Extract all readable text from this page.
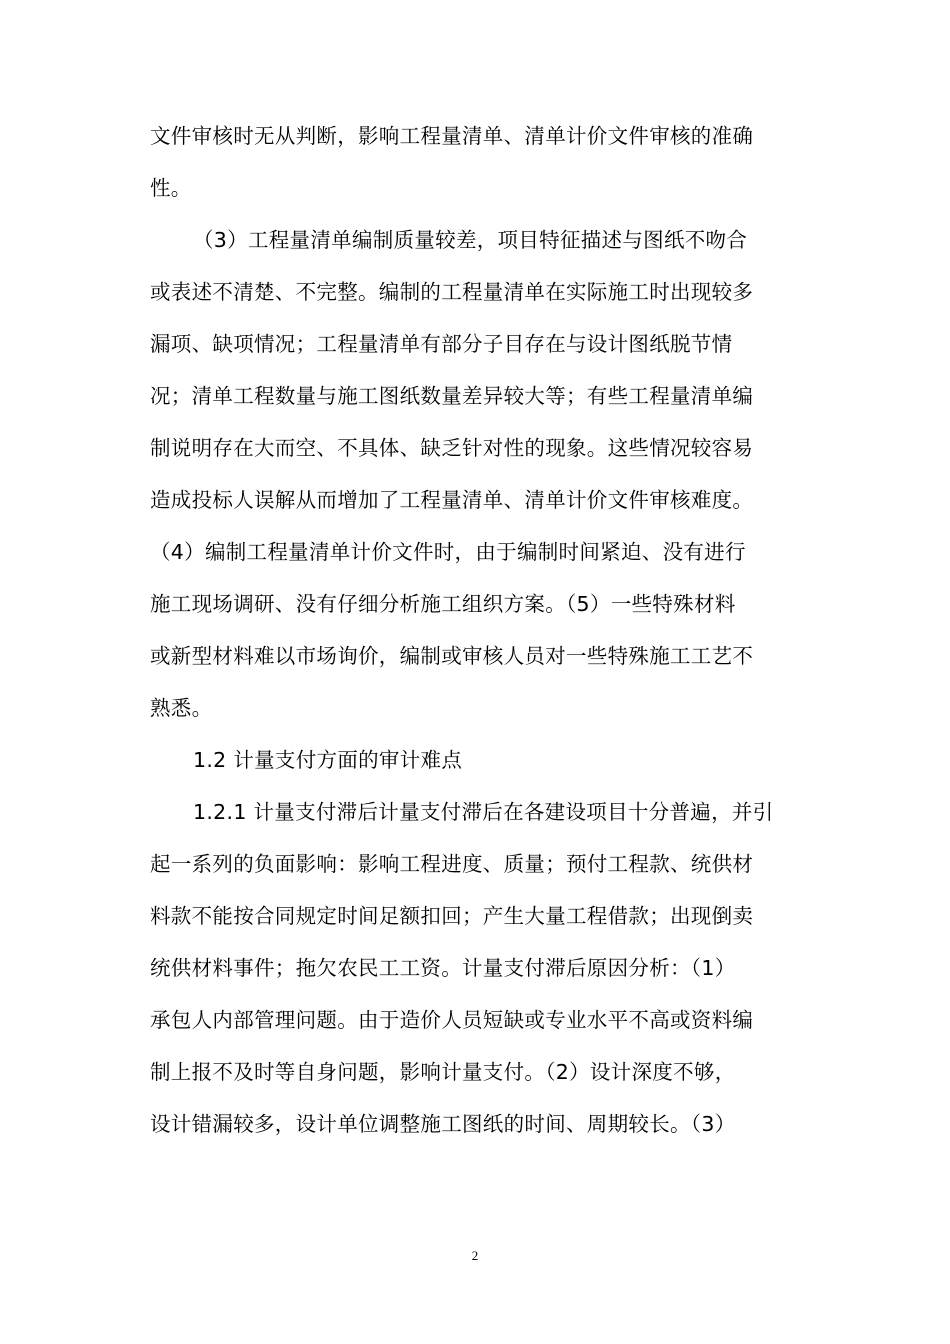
文件审核时无从判断，影响工程量清单、清单计价文件审核的准确
性。
（3）工程量清单编制质量较差，项目特征描述与图纸不吻合
或表述不清楚、不完整。编制的工程量清单在实际施工时出现较多
漏项、缺项情况；工程量清单有部分子目存在与设计图纸脱节情
况；清单工程数量与施工图纸数量差异较大等；有些工程量清单编
制说明存在大而空、不具体、缺乏针对性的现象。这些情况较容易
造成投标人误解从而增加了工程量清单、清单计价文件审核难度。
（4）编制工程量清单计价文件时，由于编制时间紧迫、没有进行
施工现场调研、没有仔细分析施工组织方案。（5）一些特殊材料
或新型材料难以市场询价，编制或审核人员对一些特殊施工工艺不
熟悉。
1.2 计量支付方面的审计难点
1.2.1 计量支付滞后计量支付滞后在各建设项目十分普遍，并引
起一系列的负面影响：影响工程进度、质量；预付工程款、统供材
料款不能按合同规定时间足额扣回；产生大量工程借款；出现倒卖
统供材料事件；拖欠农民工工资。计量支付滞后原因分析：（1）
承包人内部管理问题。由于造价人员短缺或专业水平不高或资料编
制上报不及时等自身问题，影响计量支付。（2）设计深度不够，
设计错漏较多，设计单位调整施工图纸的时间、周期较长。（3）
2
